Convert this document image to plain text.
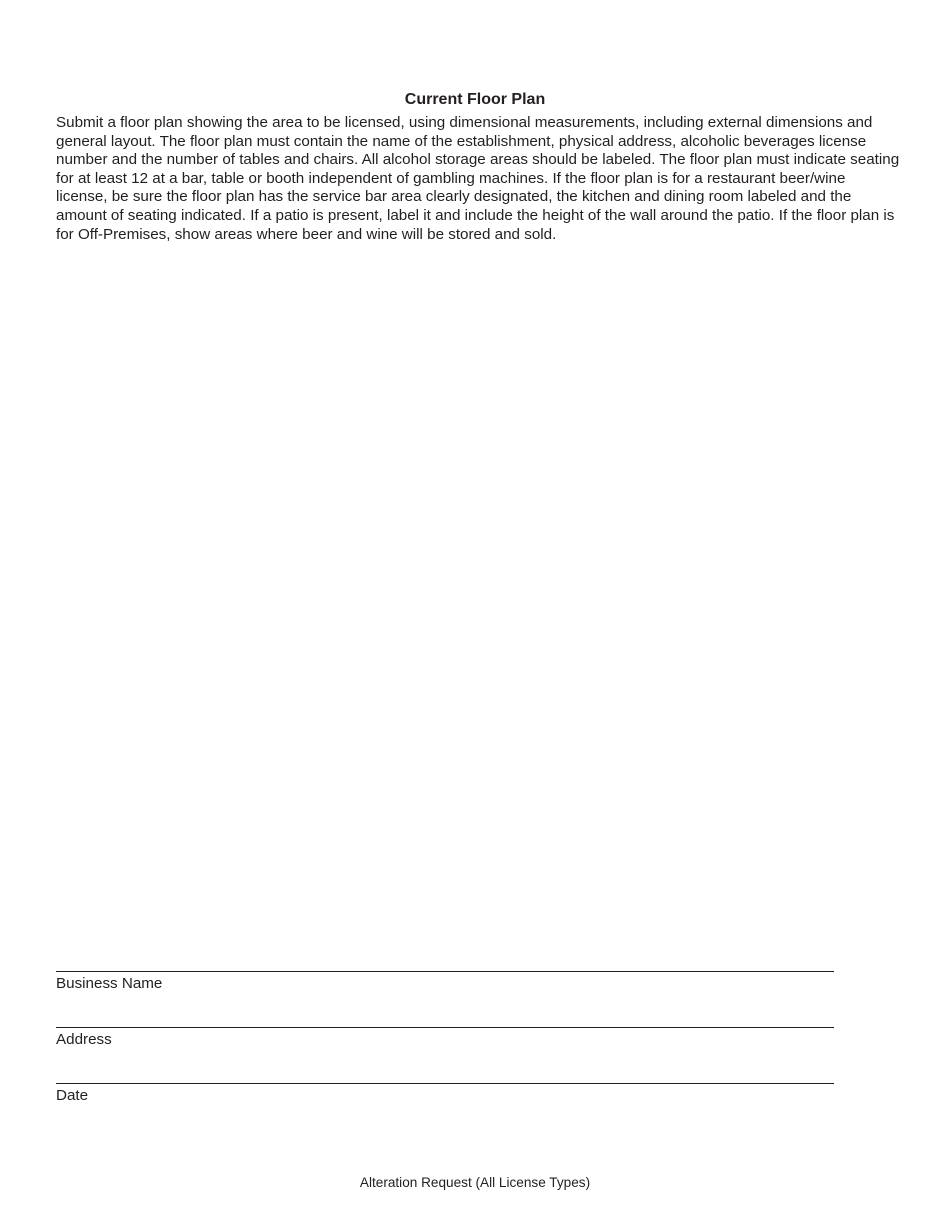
Current Floor Plan

Submit a floor plan showing the area to be licensed, using dimensional measurements, including external dimensions and general layout. The floor plan must contain the name of the establishment, physical address, alcoholic beverages license number and the number of tables and chairs. All alcohol storage areas should be labeled. The floor plan must indicate seating for at least 12 at a bar, table or booth independent of gambling machines. If the floor plan is for a restaurant beer/wine license, be sure the floor plan has the service bar area clearly designated, the kitchen and dining room labeled and the amount of seating indicated. If a patio is present, label it and include the height of the wall around the patio. If the floor plan is for Off-Premises, show areas where beer and wine will be stored and sold.

Business Name
Address
Date
Alteration Request (All License Types)
